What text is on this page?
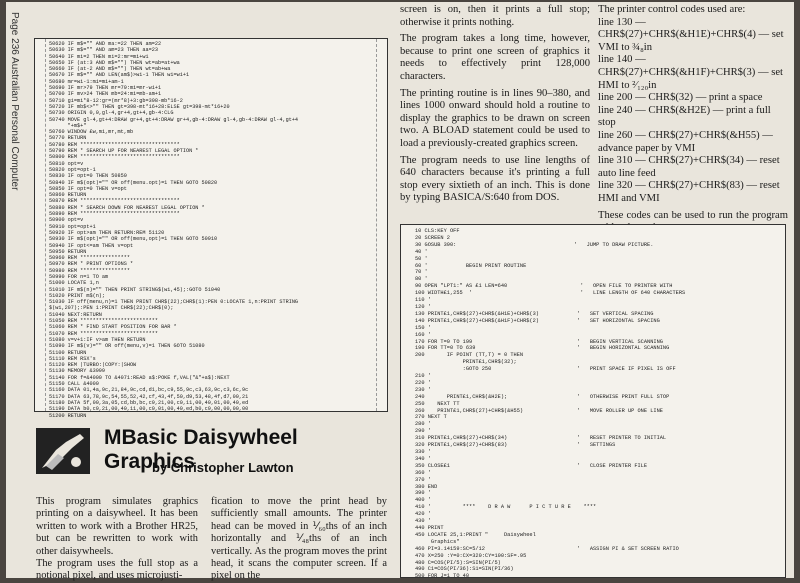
Page 236 Australian Personal Computer	50620 IF m$="" AND ma:=22 THEN am=22
50630 IF m$="" AND am=23 THEN aa=23
50640 IF mi=2 THEN mi=2:mr=mi+wi
50650 IF (at:3 AND m$="") THEN wt=ab=at+wa
50660 IF (at-2 AND m$="") THEN wt=ab+wa
50670 IF m$="" AND LEN(am$)>wi-1 THEN wi=wi+1
50680 mr=wi-1:mi=mi+am-1
50690 IF mr>79 THEN mr=79:mi=mr-wi+1
50700 IF mv>24 THEN mb=24:mi=mb-am+1
50710 gi=mi*8-12:gr=(mr*8)+3:gb=398-mb*16-2
50720 IF mb$<>"" THEN gt=398-mt*16+28:ELSE gt=398-mt*16+20
50730 ORIGIN 0,0,gl-4,gr+4,gt+4,gb-4:CLG
50740 MOVE gl-4,gt+4:DRAW gr+4,gt+4:DRAW gr+4,gb-4:DRAW gl-4,gb-4:DRAW gl-4,gt+4
"+m$+"
50760 WINDOW £w,mi,mr,mt,mb
50770 RETURN
50780 REM ********************************
50790 REM * SEARCH UP FOR NEAREST LEGAL OPTION *
50800 REM ********************************
50810 opt=v
50820 opt=opt-1
50830 IF opt=0 THEN 50850
50840 IF m$(opt)="" OR off(menu.opt)=1 THEN GOTO 50820
50850 IF opt=0 THEN v=opt
50860 RETURN
50870 REM ********************************
50880 REM * SEARCH DOWN FOR NEAREST LEGAL OPTION *
50890 REM ********************************
50900 opt=v
50910 opt=opt+1
50920 IF opt>am THEN RETURN:REM 51120
50930 IF m$(opt)="" OR off(menu,opt)=1 THEN GOTO 50910
50940 IF opt<=am THEN v=opt
50950 RETURN
50960 REM ****************
50970 REM * PRINT OPTIONS *
50980 REM ****************
50990 FOR n=1 TO am
51000 LOCATE 1,n
51010 IF m$(n)="" THEN PRINT STRING$(wi,45);:GOTO 51040
51020 PRINT m$(n);
51030 IF off(menu,n)=1 THEN PRINT CHR$(22);CHR$(1):PEN 0:LOCATE 1,n:PRINT STRING
$(wi,207);:PEN 1:PRINT CHR$(22);CHR$(0);
51040 NEXT:RETURN
51050 REM *************************
51060 REM * FIND START POSITION FOR BAR *
51070 REM *************************
51080 v=v+1:IF v>am THEN RETURN
51090 IF m$(v)="" OR off(menu,v)=1 THEN GOTO 51080
51100 RETURN
51110 REM RSX's
51120 REM |TURBO:|COPY:|SHOW
51130 MEMORY &3999
51140 FOR f=&4000 TO &4071:READ a$:POKE f,VAL("&"+a$):NEXT
51150 CALL &4000
51160 DATA 01,4a,9c,21,84,9c,cd,d1,bc,c9,55,9c,c3,63,9c,c3,6c,9c
51170 DATA 63,78,9c,54,55,52,42,cf,43,4f,50,d9,53,48,4f,d7,00,21
51180 DATA 5f,00,3a,05,cd,bb,bc,c9,21,00,c0,11,00,40,01,00,40,ed
51190 DATA b0,c9,21,00,40,11,00,c0,01,00,40,ed,b0,c9,00,00,00,00
51200 RETURN

screen is on, then it prints a full stop; otherwise it prints nothing.

The program takes a long time, however, because to print one screen of graphics it needs to effectively print 128,000 characters.

The printing routine is in lines 90–380, and lines 1000 onward should hold a routine to display the graphics to be drawn on screen two. A BLOAD statement could be used to load a previously-created graphics screen.

The program needs to use line lengths of 640 characters because it's printing a full stop every sixtieth of an inch. This is done by typing BASICA/S:640 from DOS.

The printer control codes used are:

line 130 — CHR$(27)+CHR$(&H1E)+CHR$(4) — set VMI to ¾₈in

line 140 — CHR$(27)+CHR$(&H1F)+CHR$(3) — set HMI to ²⁄₁₂₀in

line 200 — CHR$(32) — print a space

line 240 — CHR$(&H2E) — print a full stop

line 260 — CHR$(27)+CHR$(&H55) — advance paper by VMI

line 310 — CHR$(27)+CHR$(34) — reset auto line feed

line 320 — CHR$(27)+CHR$(83) — reset HMI and VMI

These codes can be used to run the program

10 CLS:KEY OFF
20 SCREEN 2
30 GOSUB 390:                                     '   JUMP TO DRAW PICTURE.
40 '
50 '
60 '            BEGIN PRINT ROUTINE
70 '
80 '
90 OPEN "LPT1:" AS £1 LEN=640                       '   OPEN FILE TO PRINTER WITH
100 WIDTH£1,255  '                                  '   LINE LENGTH OF 640 CHARACTERS
110 '
120 '
130 PRINT£1,CHR$(27)+CHR$(&H1E)+CHR$(3)            '   SET VERTICAL SPACING
140 PRINT£1,CHR$(27)+CHR$(&H1F)+CHR$(2)            '   SET HORIZONTAL SPACING
150 '
160 '
170 FOR T=0 TO 199                                 '   BEGIN VERTICAL SCANNING
190 FOR TT=0 TO 639                                '   BEGIN HORIZONTAL SCANNING
200       IF POINT (TT,T) = 0 THEN
PRINT£1,CHR$(32);
:GOTO 250                           '   PRINT SPACE IF PIXEL IS OFF
210 '
220 '
230 '
240       PRINT£1,CHR$(&H2E);                      '   OTHERWISE PRINT FULL STOP
250    NEXT TT
260    PRINT£1,CHR$(27)+CHR$(&H55)                 '   MOVE ROLLER UP ONE LINE
270 NEXT T
280 '
290 '
310 PRINT£1,CHR$(27)+CHR$(34)                      '   RESET PRINTER TO INITIAL
320 PRINT£1,CHR$(27)+CHR$(83)                      '   SETTINGS
330 '
340 '
350 CLOSE£1                                        '   CLOSE PRINTER FILE
360 '
370 '
380 END
390 '
400 '
410 '          ****    D R A W      P I C T U R E    ****
420 '
430 '
440 PRINT
450 LOCATE 25,1:PRINT "     Daisywheel
Graphics"
460 PI=3.14159:SC=5/12                             '   ASSIGN PI & SET SCREEN RATIO
470 X=250 :Y=0:CX=320:CY=100:SF=.95
480 C=COS(PI/5):S=SIN(PI/5)
490 C1=COS(PI/36):S1=SIN(PI/36)
500 FOR J=1 TO 40
MBasic Daisywheel Graphics
by Christopher Lawton

This program simulates graphics printing on a daisywheel. It has been written to work with a Brother HR25, but can be rewritten to work with other daisywheels.
The program uses the full stop as a notional pixel, and uses microjusti-

fication to move the print head by sufficiently small amounts. The printer head can be moved in ⅟₆₀ths of an inch horizontally and ⅟₄₈ths of an inch vertically. As the program moves the print head, it scans the computer screen. If a pixel on the
